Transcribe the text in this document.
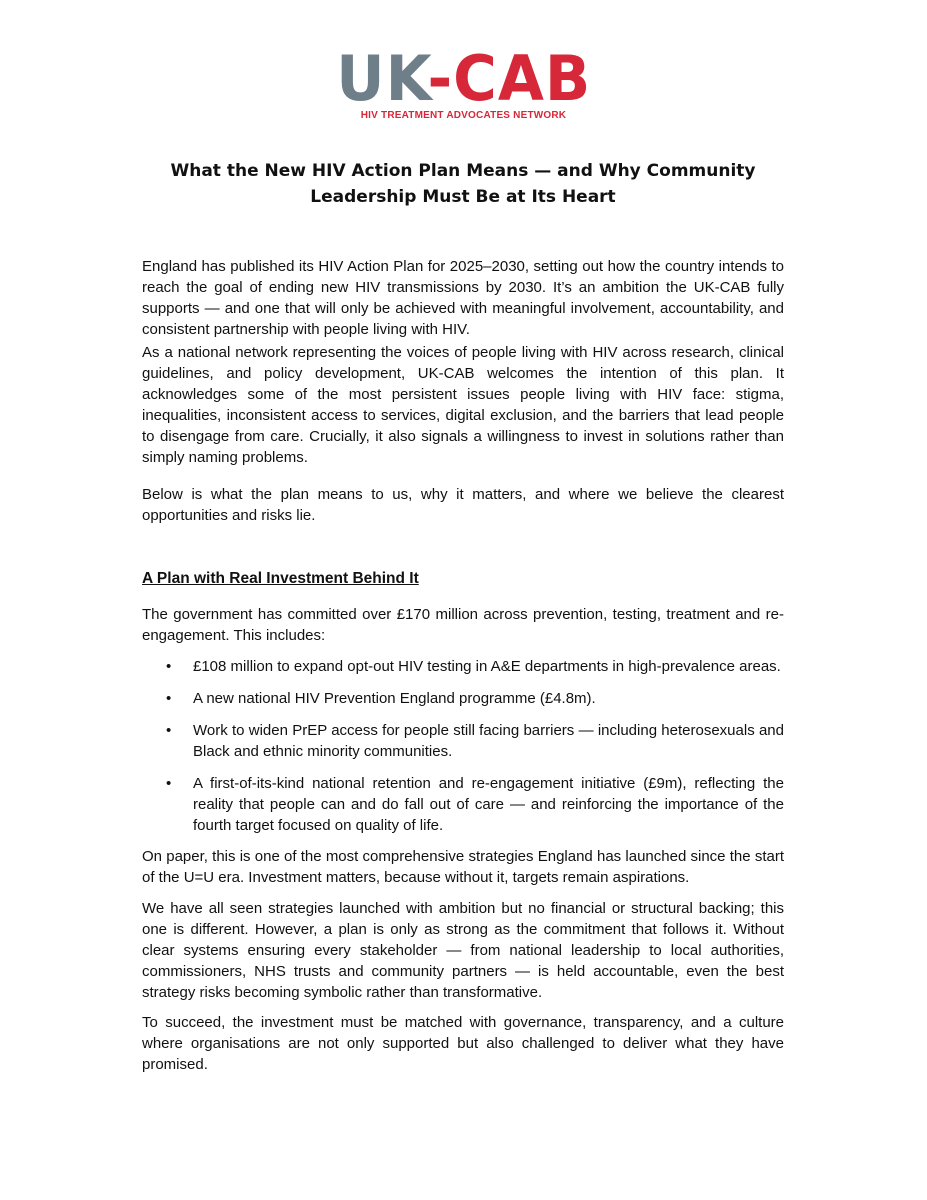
UK-CAB
HIV TREATMENT ADVOCATES NETWORK
What the New HIV Action Plan Means — and Why Community
Leadership Must Be at Its Heart

England has published its HIV Action Plan for 2025–2030, setting out how the country intends to reach the goal of ending new HIV transmissions by 2030. It’s an ambition the UK-CAB fully supports — and one that will only be achieved with meaningful involvement, accountability, and consistent partnership with people living with HIV.

As a national network representing the voices of people living with HIV across research, clinical guidelines, and policy development, UK-CAB welcomes the intention of this plan. It acknowledges some of the most persistent issues people living with HIV face: stigma, inequalities, inconsistent access to services, digital exclusion, and the barriers that lead people to disengage from care. Crucially, it also signals a willingness to invest in solutions rather than simply naming problems.

Below is what the plan means to us, why it matters, and where we believe the clearest opportunities and risks lie.

A Plan with Real Investment Behind It

The government has committed over £170 million across prevention, testing, treatment and re-engagement. This includes:

• £108 million to expand opt-out HIV testing in A&E departments in high-prevalence areas.
• A new national HIV Prevention England programme (£4.8m).
• Work to widen PrEP access for people still facing barriers — including heterosexuals and Black and ethnic minority communities.
• A first-of-its-kind national retention and re-engagement initiative (£9m), reflecting the reality that people can and do fall out of care — and reinforcing the importance of the fourth target focused on quality of life.

On paper, this is one of the most comprehensive strategies England has launched since the start of the U=U era. Investment matters, because without it, targets remain aspirations.

We have all seen strategies launched with ambition but no financial or structural backing; this one is different. However, a plan is only as strong as the commitment that follows it. Without clear systems ensuring every stakeholder — from national leadership to local authorities, commissioners, NHS trusts and community partners — is held accountable, even the best strategy risks becoming symbolic rather than transformative.

To succeed, the investment must be matched with governance, transparency, and a culture where organisations are not only supported but also challenged to deliver what they have promised.
